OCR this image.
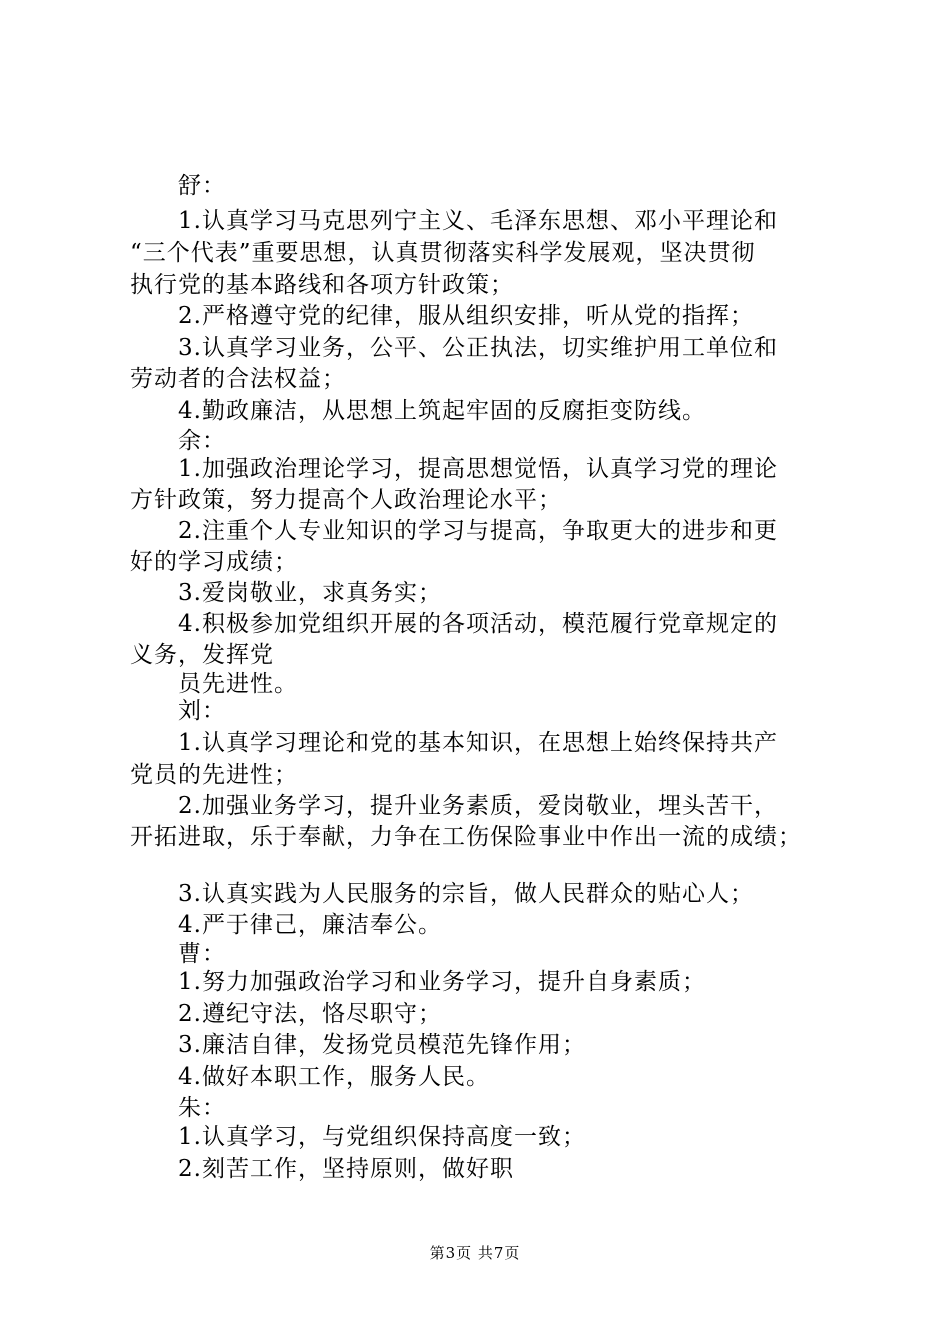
舒：
1.认真学习马克思列宁主义、毛泽东思想、邓小平理论和
“三个代表”重要思想，认真贯彻落实科学发展观，坚决贯彻
执行党的基本路线和各项方针政策；
2.严格遵守党的纪律，服从组织安排，听从党的指挥；
3.认真学习业务，公平、公正执法，切实维护用工单位和
劳动者的合法权益；
4.勤政廉洁，从思想上筑起牢固的反腐拒变防线。
余：
1.加强政治理论学习，提高思想觉悟，认真学习党的理论
方针政策，努力提高个人政治理论水平；
2.注重个人专业知识的学习与提高，争取更大的进步和更
好的学习成绩；
3.爱岗敬业，求真务实；
4.积极参加党组织开展的各项活动，模范履行党章规定的
义务，发挥党
员先进性。
刘：
1.认真学习理论和党的基本知识，在思想上始终保持共产
党员的先进性；
2.加强业务学习，提升业务素质，爱岗敬业，埋头苦干，
开拓进取，乐于奉献，力争在工伤保险事业中作出一流的成绩；
3.认真实践为人民服务的宗旨，做人民群众的贴心人；
4.严于律己，廉洁奉公。
曹：
1.努力加强政治学习和业务学习，提升自身素质；
2.遵纪守法，恪尽职守；
3.廉洁自律，发扬党员模范先锋作用；
4.做好本职工作，服务人民。
朱：
1.认真学习，与党组织保持高度一致；
2.刻苦工作，坚持原则，做好职
第3页 共7页
